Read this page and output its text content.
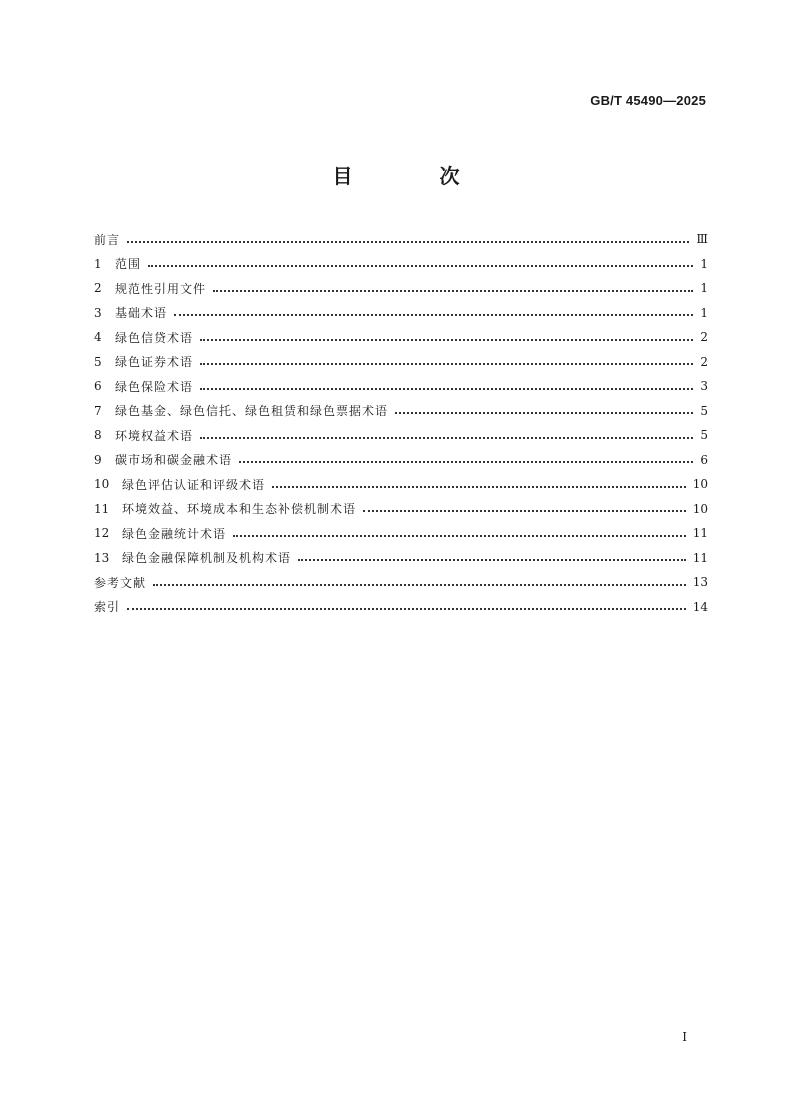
GB/T 45490—2025
目 次
前言	Ⅲ
1	范围	1
2	规范性引用文件	1
3	基础术语	1
4	绿色信贷术语	2
5	绿色证券术语	2
6	绿色保险术语	3
7	绿色基金、绿色信托、绿色租赁和绿色票据术语	5
8	环境权益术语	5
9	碳市场和碳金融术语	6
10	绿色评估认证和评级术语	10
11	环境效益、环境成本和生态补偿机制术语	10
12	绿色金融统计术语	11
13	绿色金融保障机制及机构术语	11
参考文献	13
索引	14
I
